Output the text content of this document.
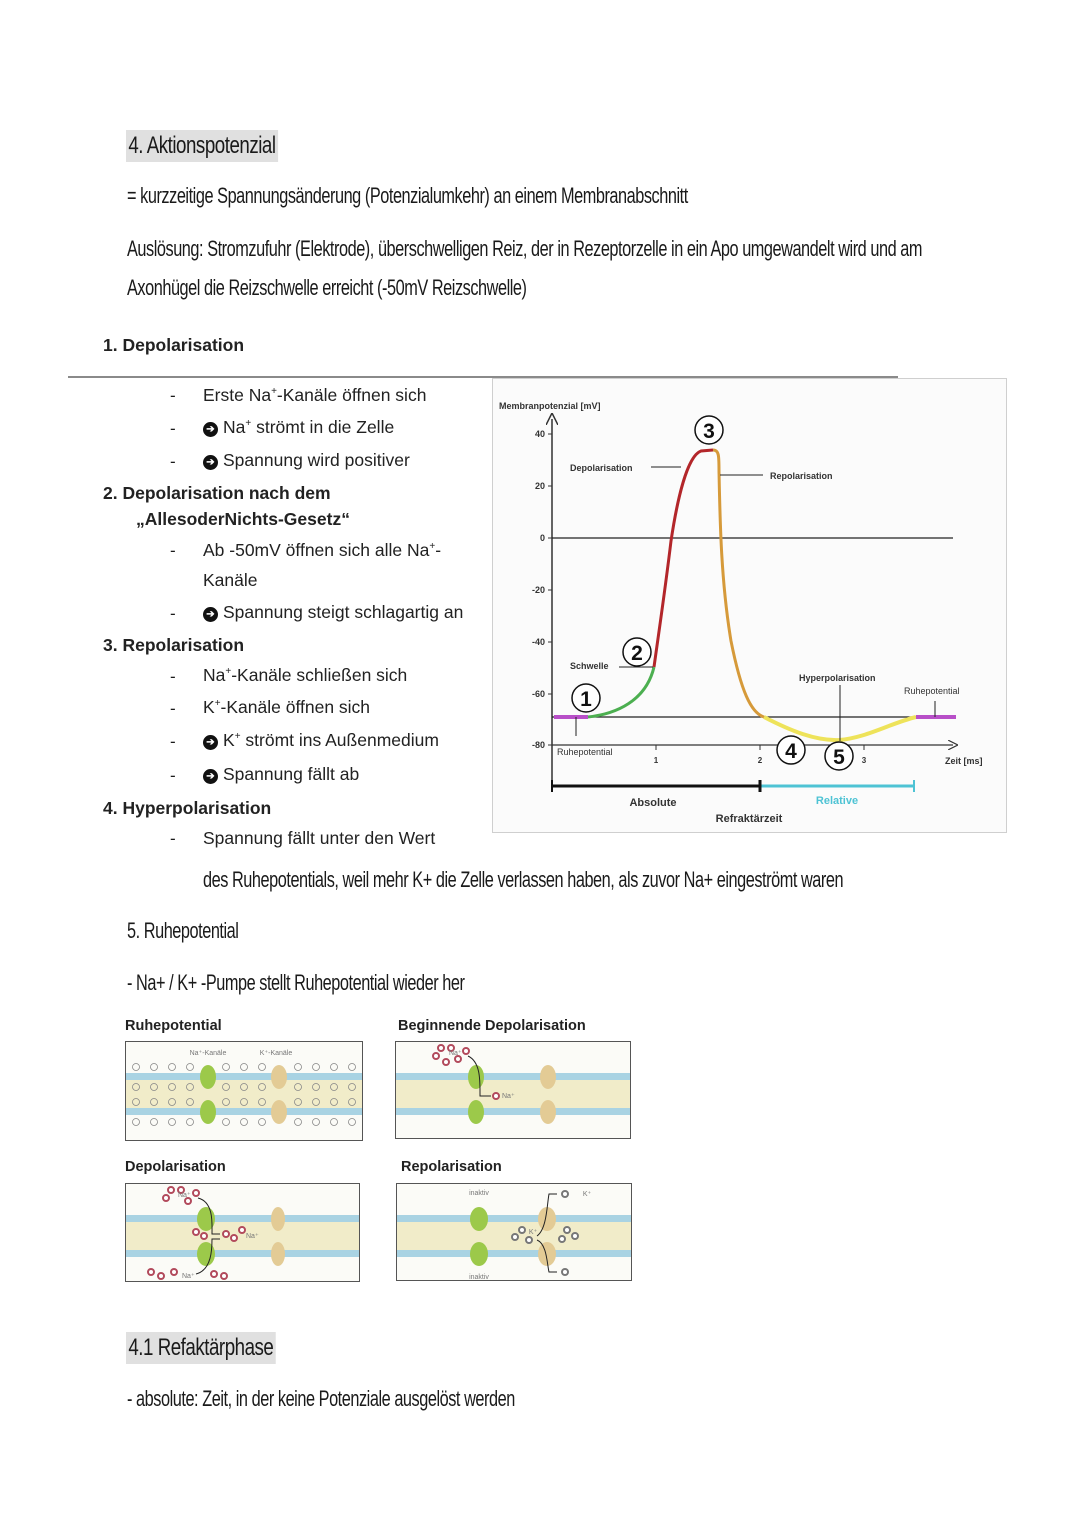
4. Aktionspotenzial
= kurzzeitige Spannungsänderung (Potenzialumkehr) an einem Membranabschnitt
Auslösung: Stromzufuhr (Elektrode), überschwelligen Reiz, der in Rezeptorzelle in ein Apo umgewandelt wird und am
Axonhügel die Reizschwelle erreicht (-50mV Reizschwelle)
1. Depolarisation
- Erste Na+-Kanäle öffnen sich
-	➔ Na+ strömt in die Zelle
-	➔ Spannung wird positiver
2. Depolarisation nach dem
„AllesoderNichts-Gesetz“
- Ab -50mV öffnen sich alle Na+-
Kanäle
-	➔ Spannung steigt schlagartig an
3. Repolarisation
- Na+-Kanäle schließen sich
- K+-Kanäle öffnen sich
-	➔ K+ strömt ins Außenmedium
-	➔ Spannung fällt ab
4. Hyperpolarisation
- Spannung fällt unter den Wert
des Ruhepotentials, weil mehr K+ die Zelle verlassen haben, als zuvor Na+ eingeströmt waren
40
20
0
-20
-40
-60
-80
Membranpotenzial [mV]
1	2	3	Zeit [ms]
Depolarisation
Repolarisation
Schwelle
Hyperpolarisation
Ruhepotential
Ruhepotential
1
2
3
4 5
Absolute	Relative
Refraktärzeit
5. Ruhepotential
- Na+ / K+ -Pumpe stellt Ruhepotential wieder her
Ruhepotential
Na⁺-Kanäle	K⁺-Kanäle
Beginnende Depolarisation
Na⁺
Na⁺
Depolarisation
Na⁺
Na⁺
Na⁺
Repolarisation
inaktiv
inaktiv
K⁺
K⁺
4.1 Refaktärphase
- absolute: Zeit, in der keine Potenziale ausgelöst werden
